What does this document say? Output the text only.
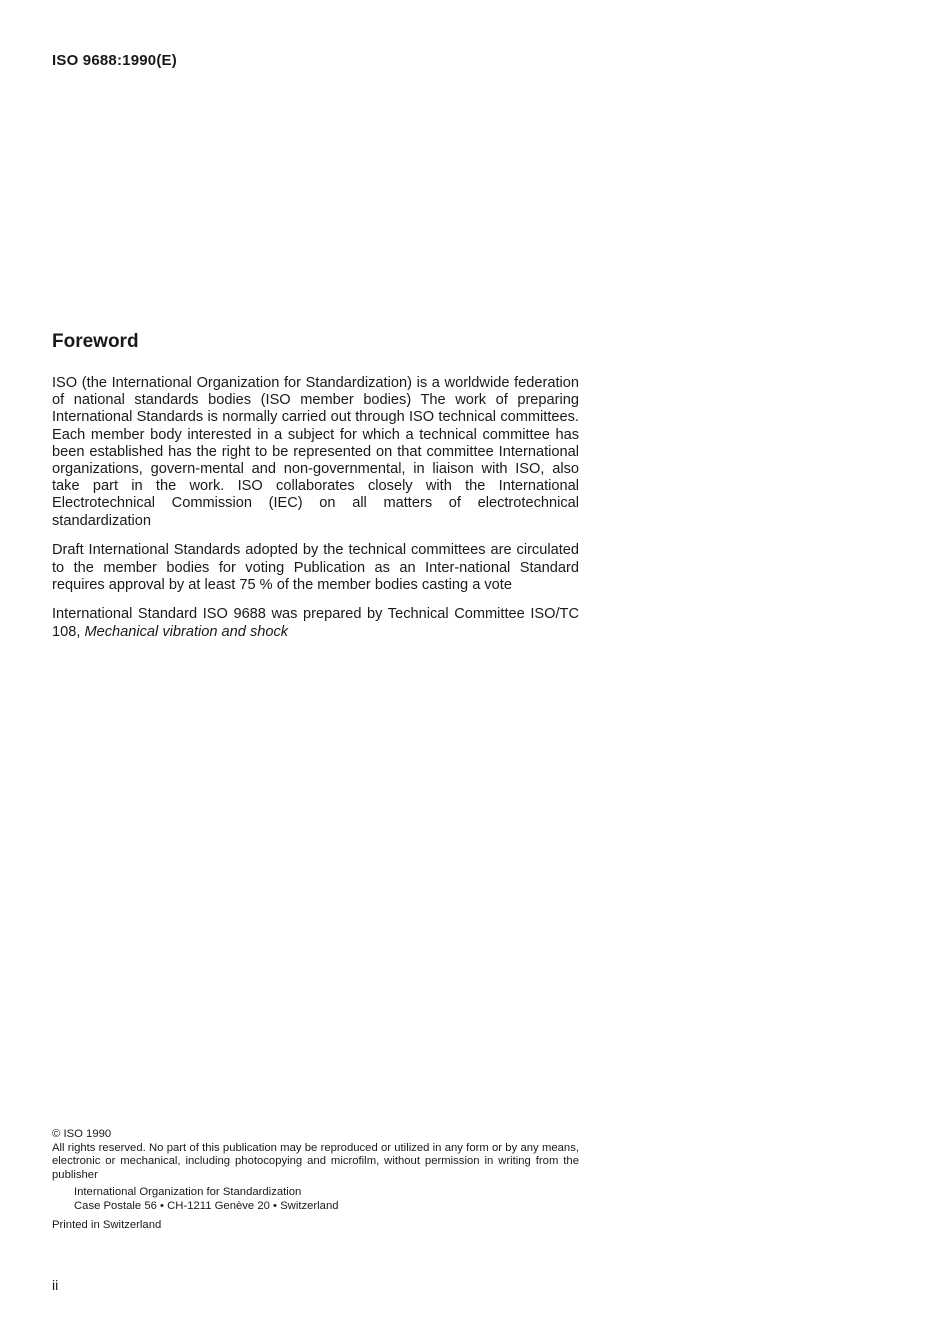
ISO 9688:1990(E)
Foreword

ISO (the International Organization for Standardization) is a worldwide federation of national standards bodies (ISO member bodies) The work of preparing International Standards is normally carried out through ISO technical committees. Each member body interested in a subject for which a technical committee has been established has the right to be represented on that committee International organizations, govern-mental and non-governmental, in liaison with ISO, also take part in the work. ISO collaborates closely with the International Electrotechnical Commission (IEC) on all matters of electrotechnical standardization

Draft International Standards adopted by the technical committees are circulated to the member bodies for voting Publication as an Inter-national Standard requires approval by at least 75 % of the member bodies casting a vote

International Standard ISO 9688 was prepared by Technical Committee ISO/TC 108, Mechanical vibration and shock

© ISO 1990
All rights reserved. No part of this publication may be reproduced or utilized in any form or by any means, electronic or mechanical, including photocopying and microfilm, without permission in writing from the publisher
International Organization for Standardization
Case Postale 56 • CH-1211 Genève 20 • Switzerland
Printed in Switzerland
ii
